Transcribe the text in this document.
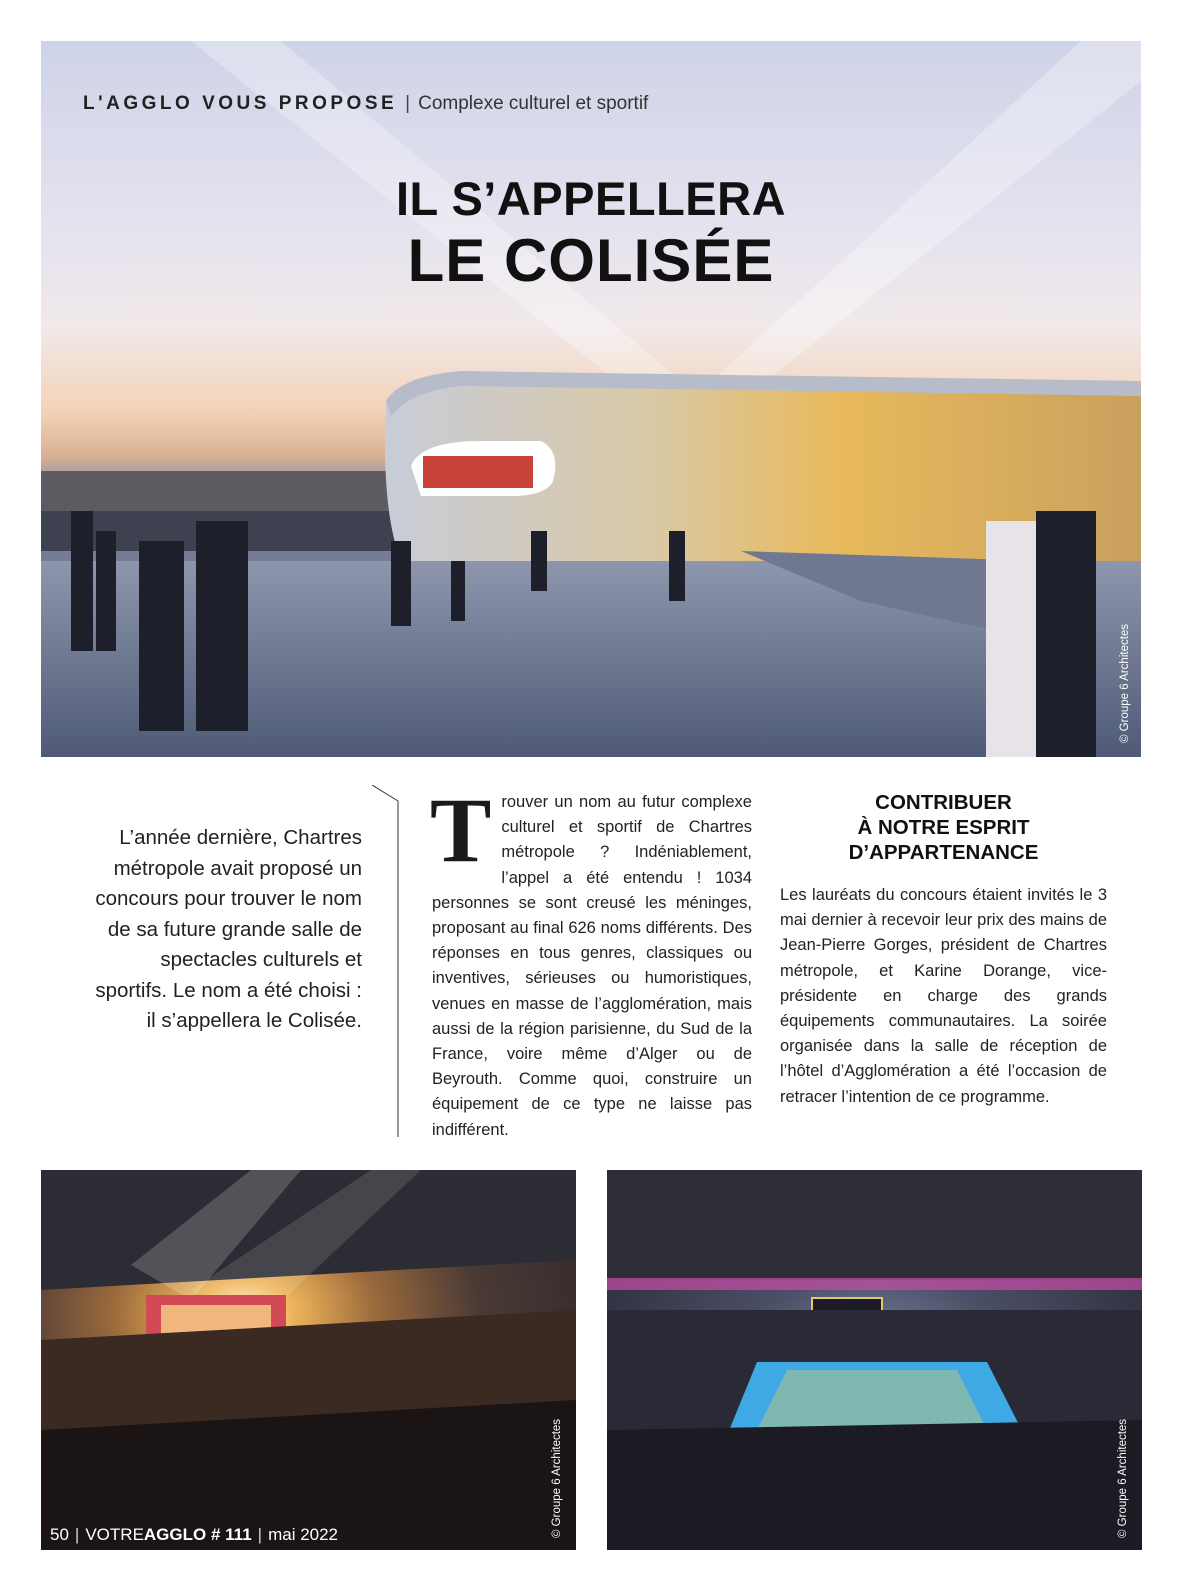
L'AGGLO VOUS PROPOSE | Complexe culturel et sportif
IL S’APPELLERA
LE COLISÉE
© Groupe 6 Architectes
L’année dernière, Chartres métropole avait proposé un concours pour trouver le nom de sa future grande salle de spectacles culturels et sportifs. Le nom a été choisi : il s’appellera le Colisée.
Trouver un nom au futur complexe culturel et sportif de Chartres métropole ? Indéniablement, l’appel a été entendu ! 1034 personnes se sont creusé les méninges, proposant au final 626 noms différents. Des réponses en tous genres, classiques ou inventives, sérieuses ou humoristiques, venues en masse de l’agglomération, mais aussi de la région parisienne, du Sud de la France, voire même d’Alger ou de Beyrouth. Comme quoi, construire un équipement de ce type ne laisse pas indifférent.
CONTRIBUER
À NOTRE ESPRIT
D’APPARTENANCE
Les lauréats du concours étaient invités le 3 mai dernier à recevoir leur prix des mains de Jean-Pierre Gorges, président de Chartres métropole, et Karine Dorange, vice-présidente en charge des grands équipements communautaires. La soirée organisée dans la salle de réception de l’hôtel d’Agglomération a été l’occasion de retracer l’intention de ce programme.
© Groupe 6 Architectes	© Groupe 6 Architectes
50 | VOTREAGGLO # 111 | mai 2022
